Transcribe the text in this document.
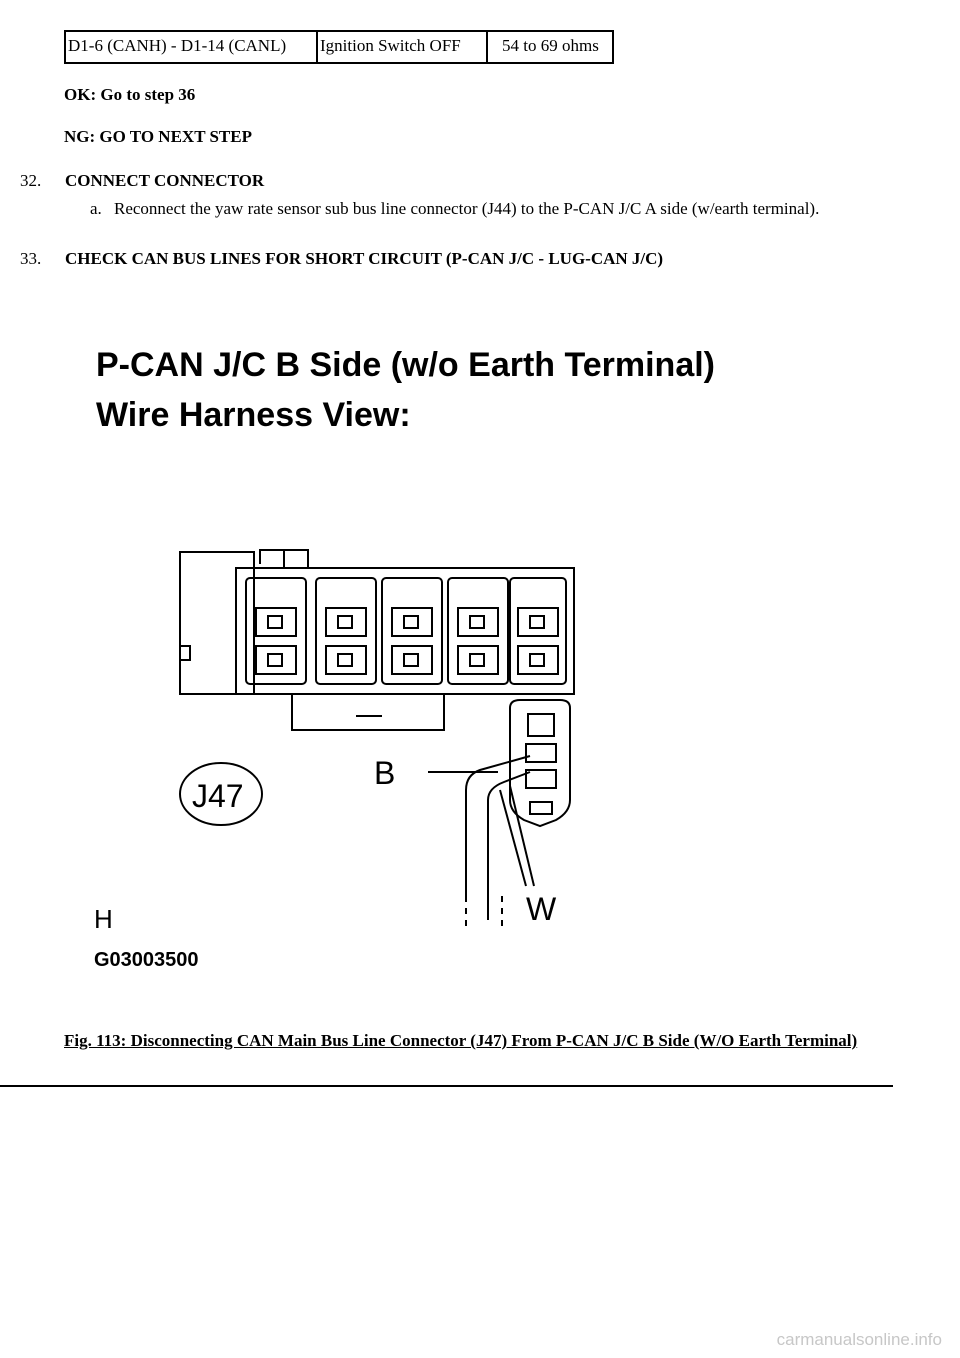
D1-6 (CANH) - D1-14 (CANL)	Ignition Switch OFF	54 to 69 ohms
OK: Go to step 36
NG: GO TO NEXT STEP
32. CONNECT CONNECTOR
a. Reconnect the yaw rate sensor sub bus line connector (J44) to the P-CAN J/C A side (w/earth terminal).
33. CHECK CAN BUS LINES FOR SHORT CIRCUIT (P-CAN J/C - LUG-CAN J/C)
P-CAN J/C B Side (w/o Earth Terminal)
Wire Harness View:
J47
B
W
H
G03003500
Fig. 113: Disconnecting CAN Main Bus Line Connector (J47) From P-CAN J/C B Side (W/O Earth Terminal)
carmanualsonline.info
